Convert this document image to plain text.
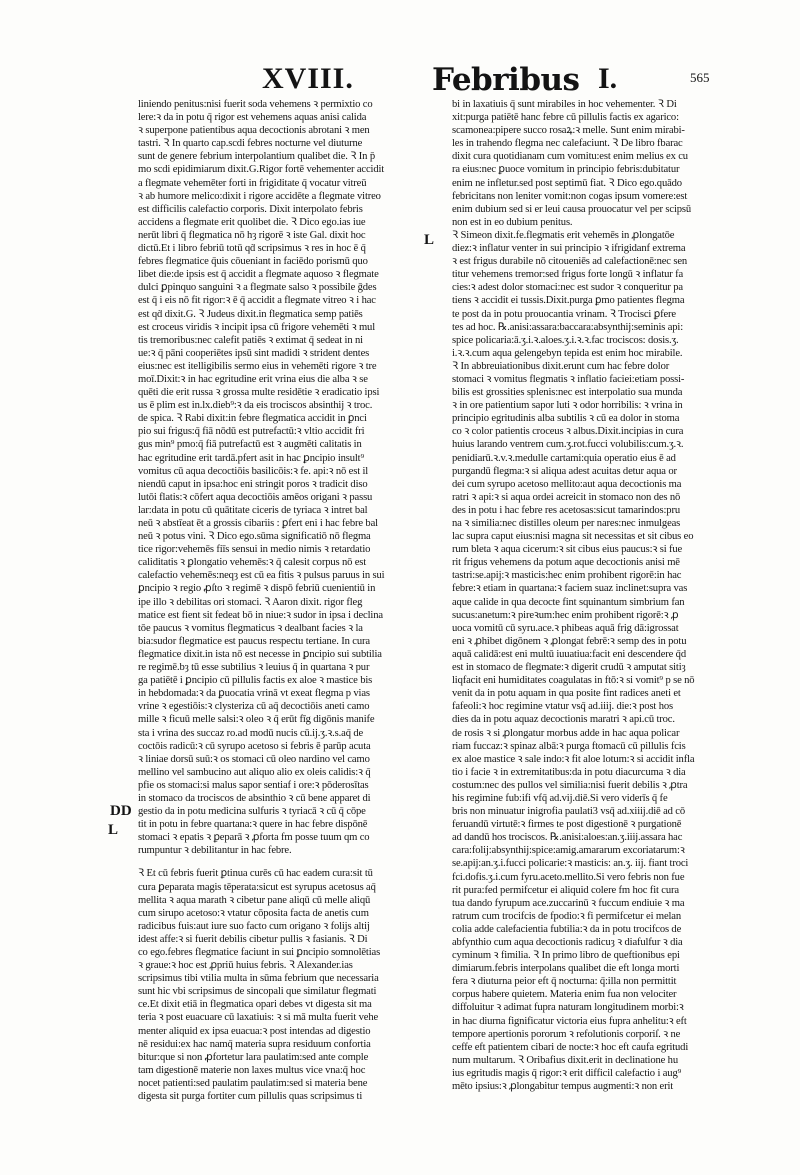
XVIII.	Febribus I.	565
DD
L
L
liniendo penitus:nisi fuerit soda vehemens ꝛ permixtio co
lere:ꝛ da in potu q̄ rigor est vehemens aquas anisi calida
ꝛ superpone patientibus aqua decoctionis abrotani ꝛ men
tastri. Ꝛ In quarto cap.scdi febres nocturne vel diuturne
sunt de genere febrium interpolantium qualibet die. Ꝛ In p̄
mo scdi epidimiarum dixit.G.Rigor fortē vehementer accidit
a flegmate vehemēter forti in frigiditate q̄ vocatur vitreū
ꝛ ab humore melico:dixit i rigore accidēte a flegmate vitreo
est difficilis calefactio corporis. Dixit interpolato febris
accidens a flegmate erit quolibet die. Ꝛ Dico ego.ias iue
nerūt libri q̄ flegmatica nō hȝ rigorē ꝛ iste Gal. dixit hoc
dictū.Et i libro febriū totū qḋ scripsimus ꝛ res in hoc ē q̄
febres flegmatice q̄uis cōueniant in faciēdo porismū quo
libet die:de ipsis est q̄ accidit a flegmate aquoso ꝛ flegmate
dulci ꝑpinquo sanguini ꝛ a flegmate salso ꝛ possibile ḡdes
est q̄ i eis nō fit rigor:ꝛ ē q̄ accidit a flegmate vitreo ꝛ i hac
est qḋ dixit.G. Ꝛ Judeus dixit.in flegmatica semp patiēs
est croceus viridis ꝛ incipit ipsa cū frigore vehemēti ꝛ mul
tis tremoribus:nec calefit patiēs ꝛ extimat q̄ sedeat in ni
ue:ꝛ q̄ pāni cooperiētes ipsū sint madidi ꝛ strident dentes
eius:nec est itelligibilis sermo eius in vehemēti rigore ꝛ tre
moī.Dixit:ꝛ in hac egritudine erit vrina eius die alba ꝛ se
quēti die erit russa ꝛ grossa multe residētie ꝛ eradicatio ipsi
us ē plim est in.lx.dieb⁹:ꝛ da eis trociscos absinthij ꝛ troc.
de spica. Ꝛ Rabi dixit:in febre flegmatica accidit in ꝑnci
pio sui frigus:q̄ fiā nōdū est putrefactū:ꝛ vltio accidit fri
gus min⁹ pmo:q̄ fiā putrefactū est ꝛ augmēti calitatis in
hac egritudine erit tardā.pfert asit in hac ꝑncipio insult⁹
vomitus cū aqua decoctiōis basilicōis:ꝛ fe. api:ꝛ nō est il
niendū caput in ipsa:hoc eni stringit poros ꝛ tradicit diso
lutōi flatis:ꝛ cōfert aqua decoctiōis amēos origani ꝛ passu
lar:data in potu cū quātitate ciceris de tyriaca ꝛ intret bal
neū ꝛ abstīeat ēt a grossis cibariis : ꝑfert eni i hac febre bal
neū ꝛ potus vini. Ꝛ Dico ego.sūma significatiō nō flegma
tice rigor:vehemēs fiīs sensui in medio nimis ꝛ retardatio
caliditatis ꝛ ꝑlongatio vehemēs:ꝛ q̄ calesit corpus nō est
calefactio vehemēs:neqȝ est cū ea fitis ꝛ pulsus paruus in sui
ꝑncipio ꝛ regio ꝓſto ꝛ regimē ꝛ dispō febriū cuenientiū in
ipe illo ꝛ debilitas ori stomaci. Ꝛ Aaron dixit. rigor fleg
matice est fient sit fedeat bō in niue:ꝛ sudor in ipsa i declina
tōe paucus ꝛ vomitus flegmaticus ꝛ dealbant facies ꝛ la
bia:sudor flegmatice est paucus respectu tertiane. In cura
flegmatice dixit.in ista nō est necesse in ꝑncipio sui subtilia
re regimē.bȝ tū esse subtilius ꝛ leuius q̄ in quartana ꝛ pur
ga patiētē i ꝑncipio cū pillulis factis ex aloe ꝛ mastice bis
in hebdomada:ꝛ da ꝑuocatia vrinā vt exeat flegma p vias
vrine ꝛ egestiōis:ꝛ clysteriza cū aq̄ decoctiōis aneti camo
mille ꝛ ficuū melle salsi:ꝛ oleo ꝛ q̄ erūt fīg digōnis manife
sta i vrina des succaz ro.ad modū nucis cū.ij.ʒ.ꝛ.s.aq̄ de
coctōis radicū:ꝛ cū syrupo acetoso si febris ē parūp acuta
ꝛ liniae dorsū suū:ꝛ os stomaci cū oleo nardino vel camo
mellino vel sambucino aut aliquo alio ex oleis calidis:ꝛ q̄
pfie os stomaci:si malus sapor sentiaf i ore:ꝛ pōderosītas
in stomaco da trociscos de absinthio ꝛ cū bene apparet di
gestio da in potu medicina sulfuris ꝛ tyriacā ꝛ cū q̄ cōpe
tit in potu in febre quartana:ꝛ quere in hac febre dispōnē
stomaci ꝛ epatis ꝛ ꝑeparā ꝛ ꝓforta fm posse tuum qm co
rumpuntur ꝛ debilitantur in hac febre.
Ꝛ Et cū febris fuerit ꝑtinua curēs cū hac eadem cura:sit tū
cura ꝑeparata magis tēperata:sicut est syrupus acetosus aq̄
mellita ꝛ aqua marath ꝛ cibetur pane aliqū cū melle aliqū
cum sirupo acetoso:ꝛ vtatur cōposita facta de anetis cum
radicibus fuis:aut iure suo facto cum origano ꝛ folijs altij
idest affe:ꝛ si fuerit debilis cibetur pullis ꝛ fasianis. Ꝛ Di
co ego.febres flegmatice faciunt in sui ꝑncipio somnolētias
ꝛ graue:ꝛ hoc est ꝓpriū huius febris. Ꝛ Alexander.ias
scripsimus tibi vtilia multa in sūma febrium que necessaria
sunt hic vbi scripsimus de sincopali que similatur flegmati
ce.Et dixit etiā in flegmatica opari debes vt digesta sit ma
teria ꝛ post euacuare cū laxatiuis: ꝛ si mā multa fuerit vehe
menter aliquid ex ipsa euacua:ꝛ post intendas ad digestio
nē residui:ex hac namq̄ materia supra residuum confortia
bitur:que si non ꝓfortetur lara paulatim:sed ante comple
tam digestionē materie non laxes multus vice vna:q̄ hoc
nocet patienti:sed paulatim paulatim:sed si materia bene
digesta sit purga fortiter cum pillulis quas scripsimus ti
bi in laxatiuis q̄ sunt mirabiles in hoc vehementer. Ꝛ Di
xit:purga patiētē hanc febre cū pillulis factis ex agarico:
scamonea:pipere succo rosaꝝ:ꝛ melle. Sunt enim mirabi-
les in trahendo flegma nec calefaciunt. Ꝛ De libro fbarac
dixit cura quotidianam cum vomitu:est enim melius ex cu
ra eius:nec ꝑuoce vomitum in principio febris:dubitatur
enim ne infletur.sed post septimū fiat. Ꝛ Dico ego.quādo
febricitans non leniter vomit:non cogas ipsum vomere:est
enim dubium sed si er leui causa prouocatur vel per scipsū
non est in eo dubium penitus.
Ꝛ Simeon dixit.fe.flegmatis erit vehemēs in ꝓlongatōe
diez:ꝛ inflatur venter in sui principio ꝛ ifrigidanf extrema
ꝛ est frigus durabile nō citoueniēs ad calefactionē:nec sen
titur vehemens tremor:sed frigus forte longū ꝛ inflatur fa
cies:ꝛ adest dolor stomaci:nec est sudor ꝛ conqueritur pa
tiens ꝛ accidit ei tussis.Dixit.purga ꝑmo patientes flegma
te post da in potu prouocantia vrinam. Ꝛ Trocisci ꝑfere
tes ad hoc. ℞.anisi:assara:baccara:absynthij:seminis api:
spice policaria:ā.ʒ.i.ꝛ.aloes.ʒ.i.ꝛ.ꝛ.fac trociscos: dosis.ʒ.
i.ꝛ.ꝛ.cum aqua gelengebyn tepida est enim hoc mirabile.
Ꝛ In abbreuiationibus dixit.erunt cum hac febre dolor
stomaci ꝛ vomitus flegmatis ꝛ inflatio faciei:etiam possi-
bilis est grossities splenis:nec est interpolatio sua munda
ꝛ in ore patientium sapor luti ꝛ odor horribilis: ꝛ vrina in
principio egritudinis alba subtilis ꝛ cū ea dolor in stoma
co ꝛ color patientis croceus ꝛ albus.Dixit.incipias in cura
huius larando ventrem cum.ʒ.rot.fucci volubilis:cum.ʒ.ꝛ.
penidiarū.ꝛ.v.ꝛ.medulle cartami:quia operatio eius ē ad
purgandū flegma:ꝛ si aliqua adest acuitas detur aqua or
dei cum syrupo acetoso mellito:aut aqua decoctionis ma
ratri ꝛ api:ꝛ si aqua ordei acreicit in stomaco non des nō
des in potu i hac febre res acetosas:sicut tamarindos:pru
na ꝛ similia:nec distilles oleum per nares:nec inmulgeas
lac supra caput eius:nisi magna sit necessitas et sit cibus eo
rum bleta ꝛ aqua cicerum:ꝛ sit cibus eius paucus:ꝛ si fue
rit frigus vehemens da potum aque decoctionis anisi mē
tastri:se.apij:ꝛ masticis:hec enim prohibent rigorē:in hac
febre:ꝛ etiam in quartana:ꝛ faciem suaz inclinet:supra vas
aque calide in qua decocte fint squinantum simbrium fan
sucus:anetum:ꝛ pireꝛum:hec enim prohibent rigorē:ꝛ ꝓ
uoca vomitū cū syru.ace.ꝛ phibeas aquā frig dā:igrossat
eni ꝛ ꝓhibet digōnem ꝛ ꝓlongat febrē:ꝛ semp des in potu
aquā calidā:est eni multū iuuatiua:facit eni descendere q̄d
est in stomaco de flegmate:ꝛ digerit crudū ꝛ amputat sitiȝ
liqfacit eni humiditates coagulatas in ftō:ꝛ si vomit⁹ p se nō
venit da in potu aquam in qua posite fint radices aneti et
fafeoli:ꝛ hoc regimine vtatur vsq̄ ad.iiij. die:ꝛ post hos
dies da in potu aquaz decoctionis maratri ꝛ api.cū troc.
de rosis ꝛ si ꝓlongatur morbus adde in hac aqua policar
riam fuccaz:ꝛ spinaz albā:ꝛ purga ftomacū cū pillulis fcis
ex aloe mastice ꝛ sale indo:ꝛ fit aloe lotum:ꝛ si accidit infla
tio i facie ꝛ in extremitatibus:da in potu diacurcuma ꝛ dia
costum:nec des pullos vel similia:nisi fuerit debilis ꝛ ꝓtra
his regimine fub:ifi vfq̄ ad.vij.diē.Si vero viderīs q̄ fe
bris non minuatur inigrofia paulati3 vsq̄ ad.xiiij.diē ad cō
feruandū virtutē:ꝛ firmes te post digestionē ꝛ purgationē
ad dandū hos trociscos. ℞.anisi:aloes:an.ʒ.iiij.assara hac
cara:folij:absynthij:spice:amig.amararum excoriatarum:ꝛ
se.apij:an.ʒ.i.fucci policarie:ꝛ masticis: an.ʒ. iij. fiant troci
fci.dofis.ʒ.i.cum fyru.aceto.mellito.Si vero febris non fue
rit pura:fed permifcetur ei aliquid colere fm hoc fit cura
tua dando fyrupum ace.zuccarinū ꝛ fuccum endiuie ꝛ ma
ratrum cum trocifcis de fpodio:ꝛ fi permifcetur ei melan
colia adde calefacientia fubtilia:ꝛ da in potu trocifcos de
abfynthio cum aqua decoctionis radicuȝ ꝛ diafulfur ꝛ dia
cyminum ꝛ fimilia. Ꝛ In primo libro de queftionibus epi
dimiarum.febris interpolans qualibet die eft longa morti
fera ꝛ diuturna peior eft q̄ nocturna: q̄:illa non permittit
corpus habere quietem. Materia enim fua non velociter
diffoluitur ꝛ adimat fupra naturam longitudinem morbi:ꝛ
in hac diurna fignificatur victoria eius fupra anhelitu:ꝛ eft
tempore apertionis pororum ꝛ refolutionis corporiſ. ꝛ ne
ceffe eft patientem cibari de nocte:ꝛ hoc eft caufa egritudi
num multarum. Ꝛ Oribafius dixit.erit in declinatione hu
ius egritudis magis q̄ rigor:ꝛ erit difficil calefactio i aug⁹
mēto ipsius:ꝛ ꝓlongabitur tempus augmenti:ꝛ non erit
